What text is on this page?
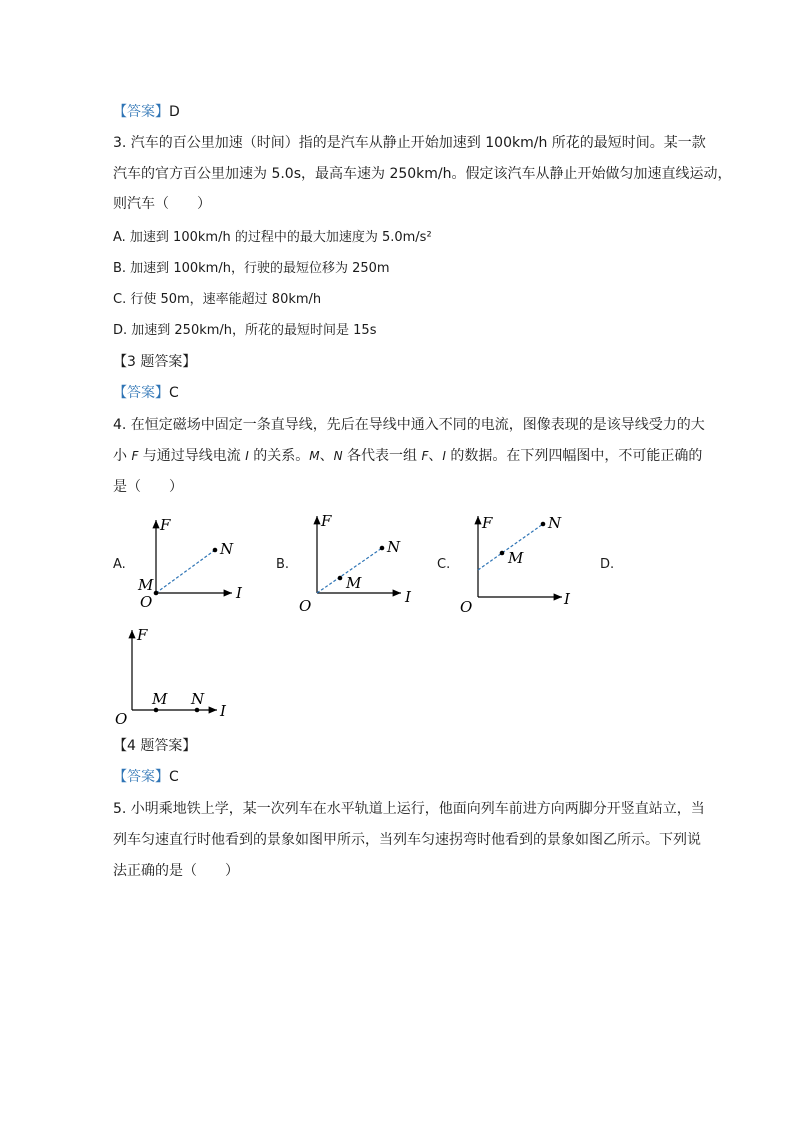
【答案】D
3. 汽车的百公里加速（时间）指的是汽车从静止开始加速到 100km/h 所花的最短时间。某一款
汽车的官方百公里加速为 5.0s，最高车速为 250km/h。假定该汽车从静止开始做匀加速直线运动，
则汽车（　　）
A. 加速到 100km/h 的过程中的最大加速度为 5.0m/s²
B. 加速到 100km/h，行驶的最短位移为 250m
C. 行使 50m，速率能超过 80km/h
D. 加速到 250km/h，所花的最短时间是 15s
【3 题答案】
【答案】C
4. 在恒定磁场中固定一条直导线，先后在导线中通入不同的电流，图像表现的是该导线受力的大
小 F 与通过导线电流 I 的关系。M、N 各代表一组 F、I 的数据。在下列四幅图中，不可能正确的
是（　　）
A.	B.	C.	D.
F
I
O
M
N
F
I
O
M
N
F
I
O
M
N
F
I
O
M N
【4 题答案】
【答案】C
5. 小明乘地铁上学，某一次列车在水平轨道上运行，他面向列车前进方向两脚分开竖直站立，当
列车匀速直行时他看到的景象如图甲所示，当列车匀速拐弯时他看到的景象如图乙所示。下列说
法正确的是（　　）
